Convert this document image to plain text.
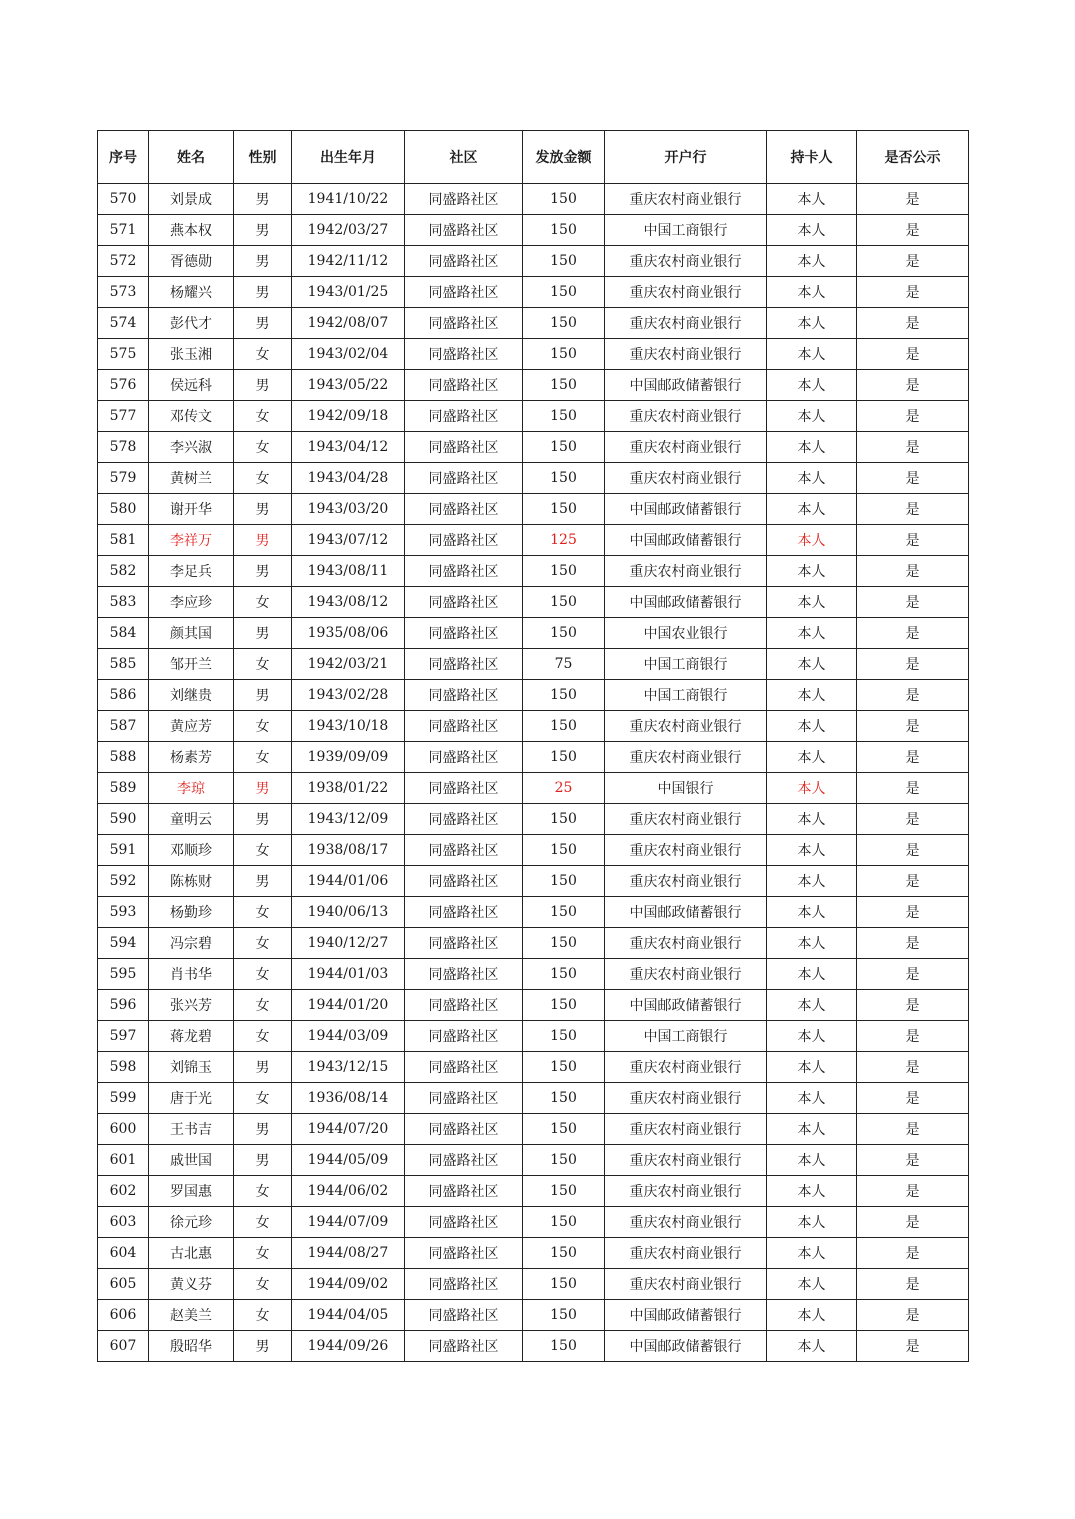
序号	姓名	性别	出生年月	社区	发放金额	开户行	持卡人	是否公示
570	刘景成	男	1941/10/22	同盛路社区	150	重庆农村商业银行	本人	是
571	燕本权	男	1942/03/27	同盛路社区	150	中国工商银行	本人	是
572	胥德勋	男	1942/11/12	同盛路社区	150	重庆农村商业银行	本人	是
573	杨耀兴	男	1943/01/25	同盛路社区	150	重庆农村商业银行	本人	是
574	彭代才	男	1942/08/07	同盛路社区	150	重庆农村商业银行	本人	是
575	张玉湘	女	1943/02/04	同盛路社区	150	重庆农村商业银行	本人	是
576	侯远科	男	1943/05/22	同盛路社区	150	中国邮政储蓄银行	本人	是
577	邓传文	女	1942/09/18	同盛路社区	150	重庆农村商业银行	本人	是
578	李兴淑	女	1943/04/12	同盛路社区	150	重庆农村商业银行	本人	是
579	黄树兰	女	1943/04/28	同盛路社区	150	重庆农村商业银行	本人	是
580	谢开华	男	1943/03/20	同盛路社区	150	中国邮政储蓄银行	本人	是
581	李祥万	男	1943/07/12	同盛路社区	125	中国邮政储蓄银行	本人	是
582	李足兵	男	1943/08/11	同盛路社区	150	重庆农村商业银行	本人	是
583	李应珍	女	1943/08/12	同盛路社区	150	中国邮政储蓄银行	本人	是
584	颜其国	男	1935/08/06	同盛路社区	150	中国农业银行	本人	是
585	邹开兰	女	1942/03/21	同盛路社区	75	中国工商银行	本人	是
586	刘继贵	男	1943/02/28	同盛路社区	150	中国工商银行	本人	是
587	黄应芳	女	1943/10/18	同盛路社区	150	重庆农村商业银行	本人	是
588	杨素芳	女	1939/09/09	同盛路社区	150	重庆农村商业银行	本人	是
589	李琼	男	1938/01/22	同盛路社区	25	中国银行	本人	是
590	童明云	男	1943/12/09	同盛路社区	150	重庆农村商业银行	本人	是
591	邓顺珍	女	1938/08/17	同盛路社区	150	重庆农村商业银行	本人	是
592	陈栋财	男	1944/01/06	同盛路社区	150	重庆农村商业银行	本人	是
593	杨勤珍	女	1940/06/13	同盛路社区	150	中国邮政储蓄银行	本人	是
594	冯宗碧	女	1940/12/27	同盛路社区	150	重庆农村商业银行	本人	是
595	肖书华	女	1944/01/03	同盛路社区	150	重庆农村商业银行	本人	是
596	张兴芳	女	1944/01/20	同盛路社区	150	中国邮政储蓄银行	本人	是
597	蒋龙碧	女	1944/03/09	同盛路社区	150	中国工商银行	本人	是
598	刘锦玉	男	1943/12/15	同盛路社区	150	重庆农村商业银行	本人	是
599	唐于光	女	1936/08/14	同盛路社区	150	重庆农村商业银行	本人	是
600	王书吉	男	1944/07/20	同盛路社区	150	重庆农村商业银行	本人	是
601	戚世国	男	1944/05/09	同盛路社区	150	重庆农村商业银行	本人	是
602	罗国惠	女	1944/06/02	同盛路社区	150	重庆农村商业银行	本人	是
603	徐元珍	女	1944/07/09	同盛路社区	150	重庆农村商业银行	本人	是
604	古北惠	女	1944/08/27	同盛路社区	150	重庆农村商业银行	本人	是
605	黄义芬	女	1944/09/02	同盛路社区	150	重庆农村商业银行	本人	是
606	赵美兰	女	1944/04/05	同盛路社区	150	中国邮政储蓄银行	本人	是
607	殷昭华	男	1944/09/26	同盛路社区	150	中国邮政储蓄银行	本人	是
